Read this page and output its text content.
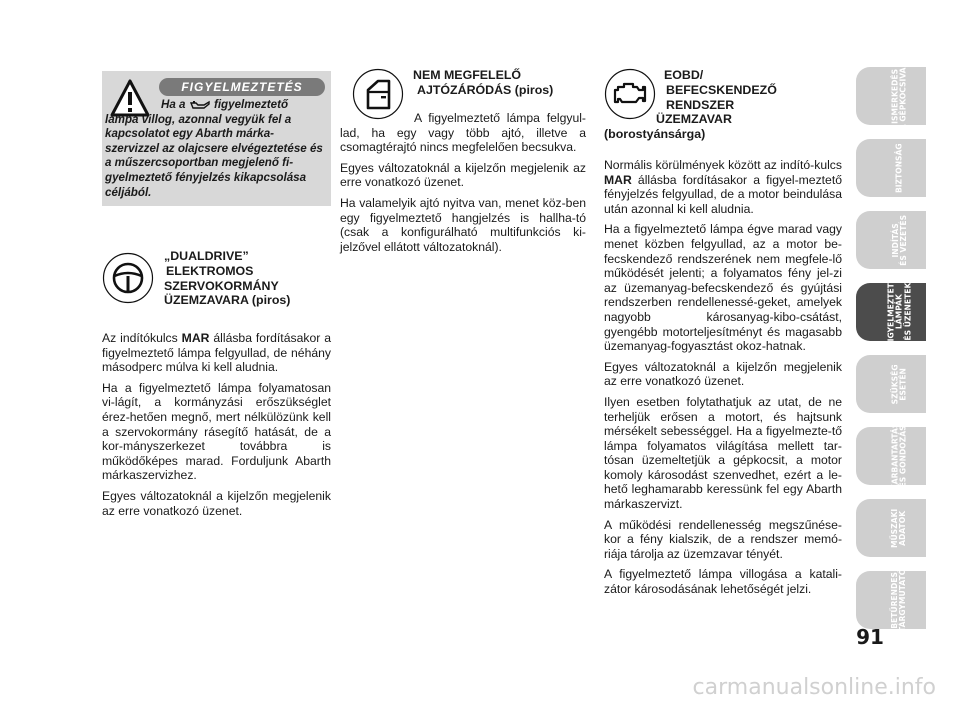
FIGYELMEZTETÉS
Ha a figyelmeztető
lámpa villog, azonnal vegyük fel a kapcsolatot egy Abarth márka-szervizzel az olajcsere elvégeztetése és a műszercsoportban megjelenő fi-gyelmeztető fényjelzés kikapcsolása céljából.
„DUALDRIVE”
ELEKTROMOS
SZERVOKORMÁNY
ÜZEMZAVARA (piros)

Az indítókulcs MAR állásba fordításakor a figyelmeztető lámpa felgyullad, de néhány másodperc múlva ki kell aludnia.

Ha a figyelmeztető lámpa folyamatosan vi-lágít, a kormányzási erőszükséglet érez-hetően megnő, mert nélkülözünk kell a szervokormány rásegítő hatását, de a kor-mányszerkezet továbbra is működőképes marad. Forduljunk Abarth márkaszervizhez.

Egyes változatoknál a kijelzőn megjelenik az erre vonatkozó üzenet.

NEM MEGFELELŐ
AJTÓZÁRÓDÁS (piros)

A figyelmeztető lámpa felgyul-lad, ha egy vagy több ajtó, illetve a csomagtérajtó nincs megfelelően becsukva.

Egyes változatoknál a kijelzőn megjelenik az erre vonatkozó üzenet.

Ha valamelyik ajtó nyitva van, menet köz-ben egy figyelmeztető hangjelzés is hallha-tó (csak a konfigurálható multifunkciós ki-jelzővel ellátott változatoknál).

EOBD/
BEFECSKENDEZŐ
RENDSZER
ÜZEMZAVAR
(borostyánsárga)

Normális körülmények között az indító-kulcs MAR állásba fordításakor a figyel-meztető fényjelzés felgyullad, de a motor beindulása után azonnal ki kell aludnia.

Ha a figyelmeztető lámpa égve marad vagy menet közben felgyullad, az a motor be-fecskendező rendszerének nem megfele-lő működését jelenti; a folyamatos fény jel-zi az üzemanyag-befecskendező és gyújtási rendszerben rendellenessé-geket, amelyek nagyobb károsanyag-kibo-csátást, gyengébb motorteljesítményt és magasabb üzemanyag-fogyasztást okoz-hatnak.

Egyes változatoknál a kijelzőn megjelenik az erre vonatkozó üzenet.

Ilyen esetben folytathatjuk az utat, de ne terheljük erősen a motort, és hajtsunk mérsékelt sebességgel. Ha a figyelmezte-tő lámpa folyamatos világítása mellett tar-tósan üzemeltetjük a gépkocsit, a motor komoly károsodást szenvedhet, ezért a le-hető leghamarabb keressünk fel egy Abarth márkaszervizt.

A működési rendellenesség megszűnése-kor a fény kialszik, de a rendszer memó-riája tárolja az üzemzavar tényét.

A figyelmeztető lámpa villogása a katali-zátor károsodásának lehetőségét jelzi.

ISMERKEDÉS
A GÉPKOCSIVAL
BIZTONSÁG
INDÍTÁS
ÉS VEZETÉS
FIGYELMEZTETŐ
LÁMPÁK
ÉS ÜZENETEK
SZÜKSÉG
ESETÉN
KARBANTARTÁS
ÉS GONDOZÁS
MŰSZAKI
ADATOK
BETŰRENDES
TÁRGYMUTATÓ
91
carmanualsonline.info
